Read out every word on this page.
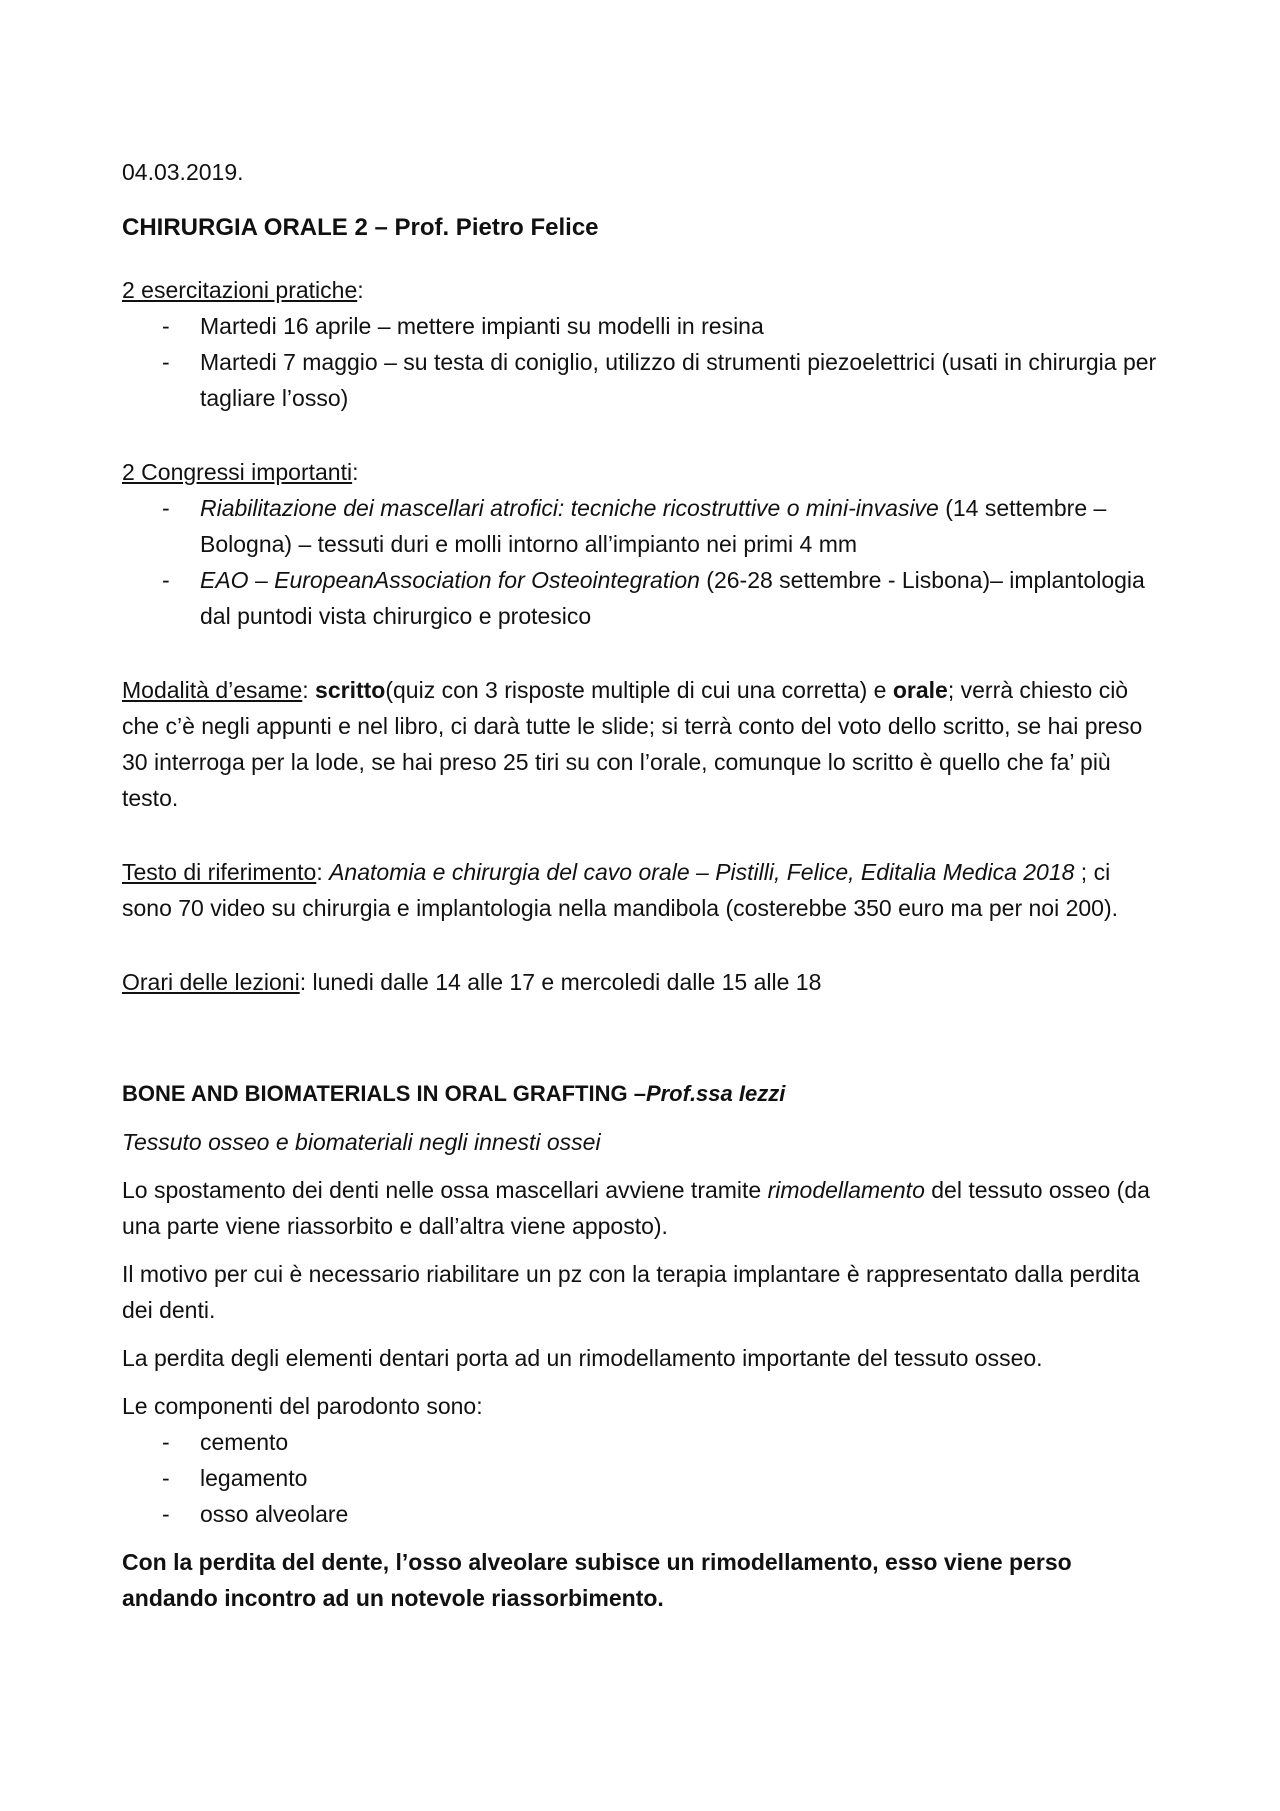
04.03.2019.

CHIRURGIA ORALE 2 – Prof. Pietro Felice

2 esercitazioni pratiche:

- Martedi 16 aprile – mettere impianti su modelli in resina
- Martedi 7 maggio – su testa di coniglio, utilizzo di strumenti piezoelettrici (usati in chirurgia per tagliare l’osso)

2 Congressi importanti:

- Riabilitazione dei mascellari atrofici: tecniche ricostruttive o mini-invasive (14 settembre – Bologna) – tessuti duri e molli intorno all’impianto nei primi 4 mm
- EAO – EuropeanAssociation for Osteointegration (26-28 settembre - Lisbona)– implantologia dal puntodi vista chirurgico e protesico

Modalità d’esame: scritto(quiz con 3 risposte multiple di cui una corretta) e orale; verrà chiesto ciò che c’è negli appunti e nel libro, ci darà tutte le slide; si terrà conto del voto dello scritto, se hai preso 30 interroga per la lode, se hai preso 25 tiri su con l’orale, comunque lo scritto è quello che fa’ più testo.

Testo di riferimento: Anatomia e chirurgia del cavo orale – Pistilli, Felice, Editalia Medica 2018 ; ci sono 70 video su chirurgia e implantologia nella mandibola (costerebbe 350 euro ma per noi 200).

Orari delle lezioni: lunedi dalle 14 alle 17 e mercoledi dalle 15 alle 18

BONE AND BIOMATERIALS IN ORAL GRAFTING –Prof.ssa Iezzi

Tessuto osseo e biomateriali negli innesti ossei

Lo spostamento dei denti nelle ossa mascellari avviene tramite rimodellamento del tessuto osseo (da una parte viene riassorbito e dall’altra viene apposto).

Il motivo per cui è necessario riabilitare un pz con la terapia implantare è rappresentato dalla perdita dei denti.

La perdita degli elementi dentari porta ad un rimodellamento importante del tessuto osseo.

Le componenti del parodonto sono:

- cemento
- legamento
- osso alveolare

Con la perdita del dente, l’osso alveolare subisce un rimodellamento, esso viene perso andando incontro ad un notevole riassorbimento.
